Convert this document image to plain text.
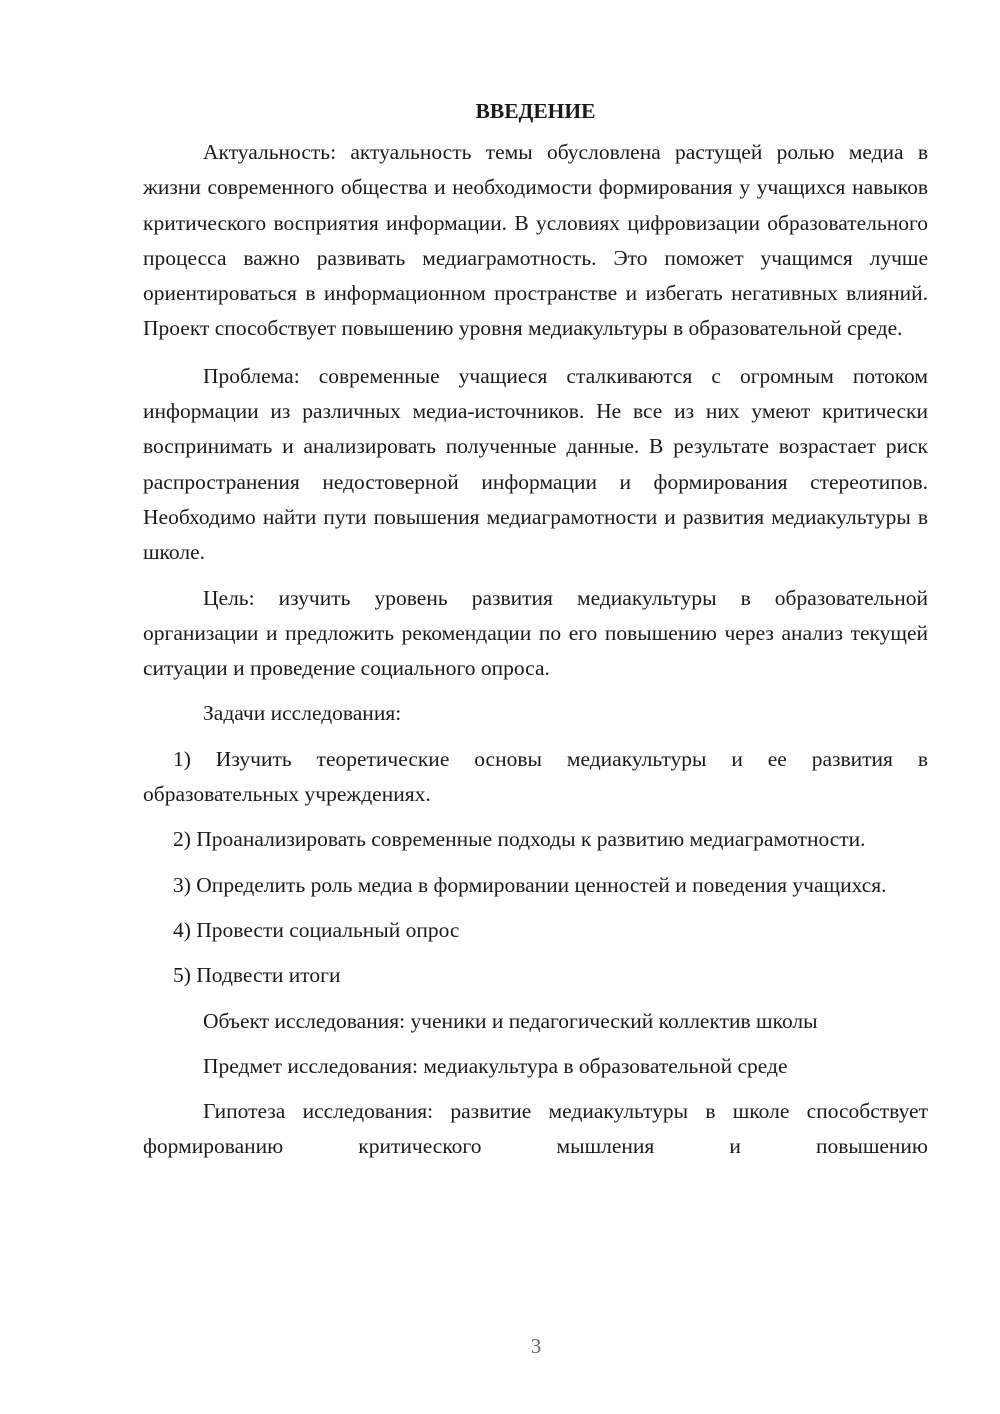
ВВЕДЕНИЕ

Актуальность: актуальность темы обусловлена растущей ролью медиа в жизни современного общества и необходимости формирования у учащихся навыков критического восприятия информации. В условиях цифровизации образовательного процесса важно развивать медиаграмотность. Это поможет учащимся лучше ориентироваться в информационном пространстве и избегать негативных влияний. Проект способствует повышению уровня медиакультуры в образовательной среде.

Проблема: современные учащиеся сталкиваются с огромным потоком информации из различных медиа-источников. Не все из них умеют критически воспринимать и анализировать полученные данные. В результате возрастает риск распространения недостоверной информации и формирования стереотипов. Необходимо найти пути повышения медиаграмотности и развития медиакультуры в школе.

Цель: изучить уровень развития медиакультуры в образовательной организации и предложить рекомендации по его повышению через анализ текущей ситуации и проведение социального опроса.

Задачи исследования:

1) Изучить теоретические основы медиакультуры и ее развития в образовательных учреждениях.

2) Проанализировать современные подходы к развитию медиаграмотности.

3) Определить роль медиа в формировании ценностей и поведения учащихся.

4) Провести социальный опрос

5) Подвести итоги

Объект исследования: ученики и педагогический коллектив школы

Предмет исследования: медиакультура в образовательной среде

Гипотеза исследования: развитие медиакультуры в школе способствует формированию критического мышления и повышению

3
